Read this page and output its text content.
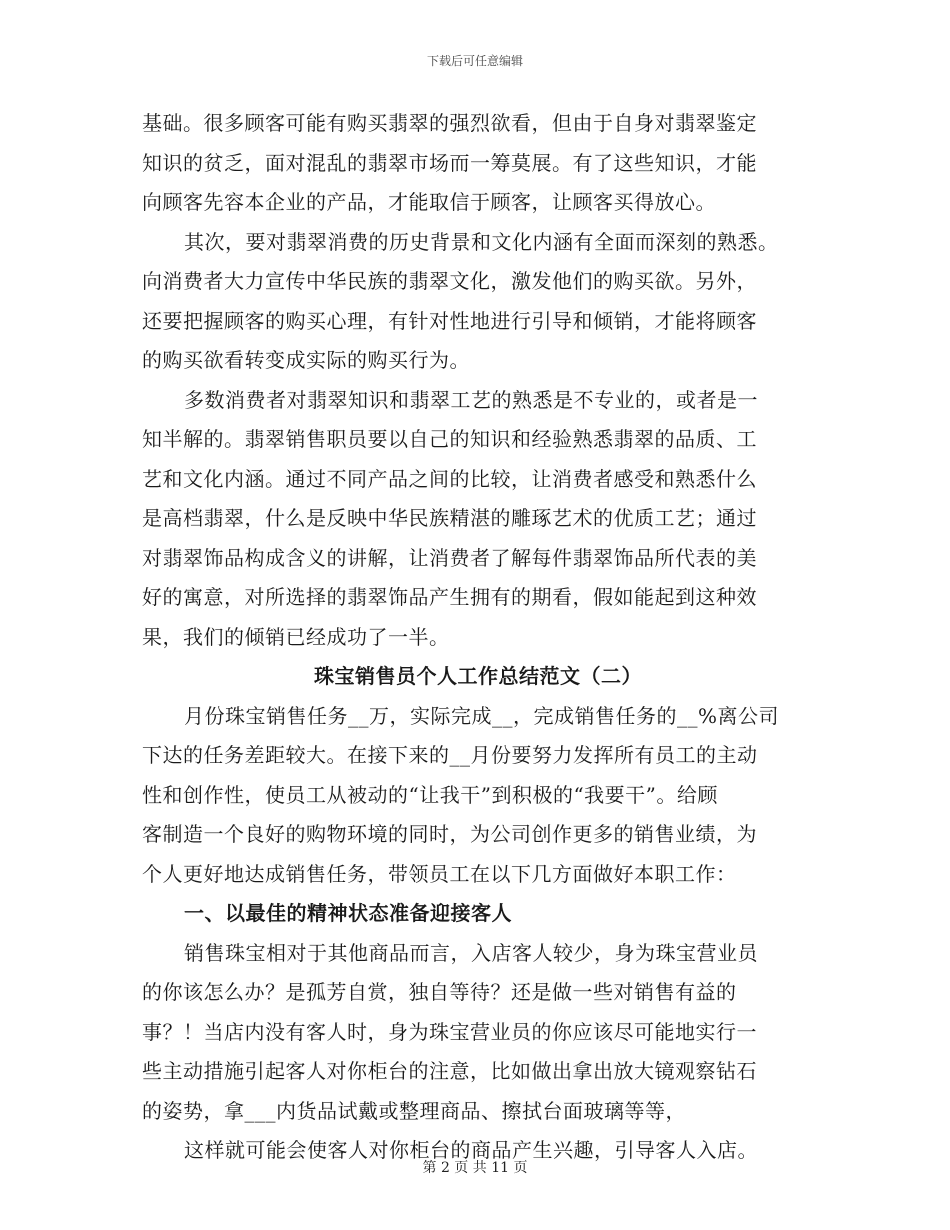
下载后可任意编辑
基础。很多顾客可能有购买翡翠的强烈欲看，但由于自身对翡翠鉴定
知识的贫乏，面对混乱的翡翠市场而一筹莫展。有了这些知识，才能
向顾客先容本企业的产品，才能取信于顾客，让顾客买得放心。
其次，要对翡翠消费的历史背景和文化内涵有全面而深刻的熟悉。
向消费者大力宣传中华民族的翡翠文化，激发他们的购买欲。另外，
还要把握顾客的购买心理，有针对性地进行引导和倾销，才能将顾客
的购买欲看转变成实际的购买行为。
多数消费者对翡翠知识和翡翠工艺的熟悉是不专业的，或者是一
知半解的。翡翠销售职员要以自己的知识和经验熟悉翡翠的品质、工
艺和文化内涵。通过不同产品之间的比较，让消费者感受和熟悉什么
是高档翡翠，什么是反映中华民族精湛的雕琢艺术的优质工艺；通过
对翡翠饰品构成含义的讲解，让消费者了解每件翡翠饰品所代表的美
好的寓意，对所选择的翡翠饰品产生拥有的期看，假如能起到这种效
果，我们的倾销已经成功了一半。
珠宝销售员个人工作总结范文（二）
月份珠宝销售任务__万，实际完成__，完成销售任务的__%离公司
下达的任务差距较大。在接下来的__月份要努力发挥所有员工的主动
性和创作性，使员工从被动的“让我干”到积极的“我要干”。给顾
客制造一个良好的购物环境的同时，为公司创作更多的销售业绩，为
个人更好地达成销售任务，带领员工在以下几方面做好本职工作：
一、以最佳的精神状态准备迎接客人
销售珠宝相对于其他商品而言，入店客人较少，身为珠宝营业员
的你该怎么办？是孤芳自赏，独自等待？还是做一些对销售有益的
事？！当店内没有客人时，身为珠宝营业员的你应该尽可能地实行一
些主动措施引起客人对你柜台的注意，比如做出拿出放大镜观察钻石
的姿势，拿___内货品试戴或整理商品、擦拭台面玻璃等等，
这样就可能会使客人对你柜台的商品产生兴趣，引导客人入店。
第 2 页 共 11 页
